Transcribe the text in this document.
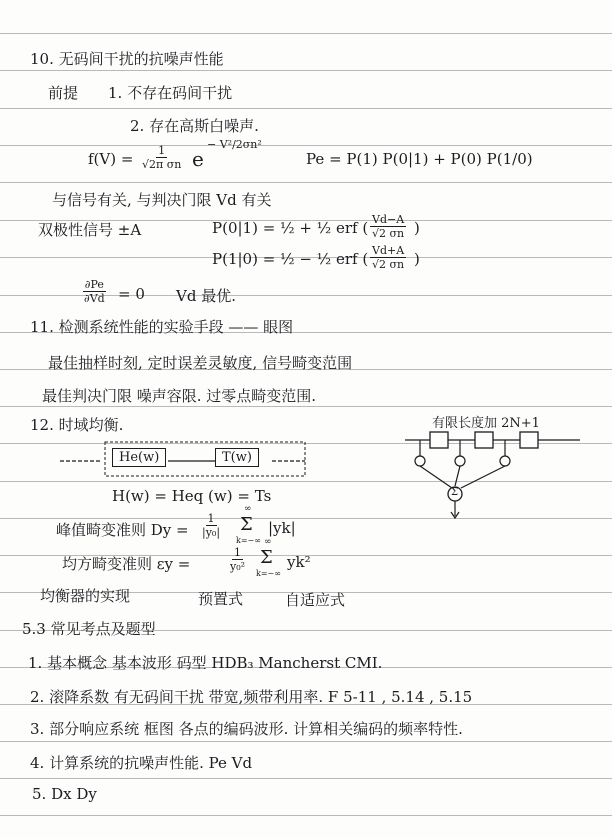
10. 无码间干扰的抗噪声性能
前提 1. 不存在码间干扰
2. 存在高斯白噪声.
$f(V) = \frac{1}{\text{√2π σn}}$ e
− V²/2σn²
Pe = P(1) P(0|1) + P(0) P(1/0)
与信号有关, 与判决门限 Vd 有关
双极性信号 ±A	P(0|1) = ½ + ½ erf ( $\frac{Vd-A}{√2 \sigma n}$ )
P(1|0) = ½ − ½ erf ( $\frac{Vd+A}{√2 \sigma n}$ )
$\frac{\partial Pe}{\partial Vd} = 0$ Vd 最优.
11. 检测系统性能的实验手段 —— 眼图
最佳抽样时刻, 定时误差灵敏度, 信号畸变范围
最佳判决门限 噪声容限. 过零点畸变范围.
12. 时域均衡.
He(w)	T(w)
H(w) = Heq (w) = Ts
有限长度加 2N+1
Σ
峰值畸变准则 $Dy = \frac{1}{\text{|y₀|}}$
∞
Σ
k=−∞
|yk|
均方畸变准则 εy =	$\frac{1}{\text{y₀²}}$
∞
Σ
k=−∞
yk²
均衡器的实现	预置式	自适应式
5.3 常见考点及题型
1. 基本概念 基本波形 码型 HDB₃ Mancherst CMI.
2. 滚降系数 有无码间干扰 带宽,频带利用率. F 5-11 , 5.14 , 5.15
3. 部分响应系统 框图 各点的编码波形. 计算相关编码的频率特性.
4. 计算系统的抗噪声性能. Pe Vd
5. Dx Dy
